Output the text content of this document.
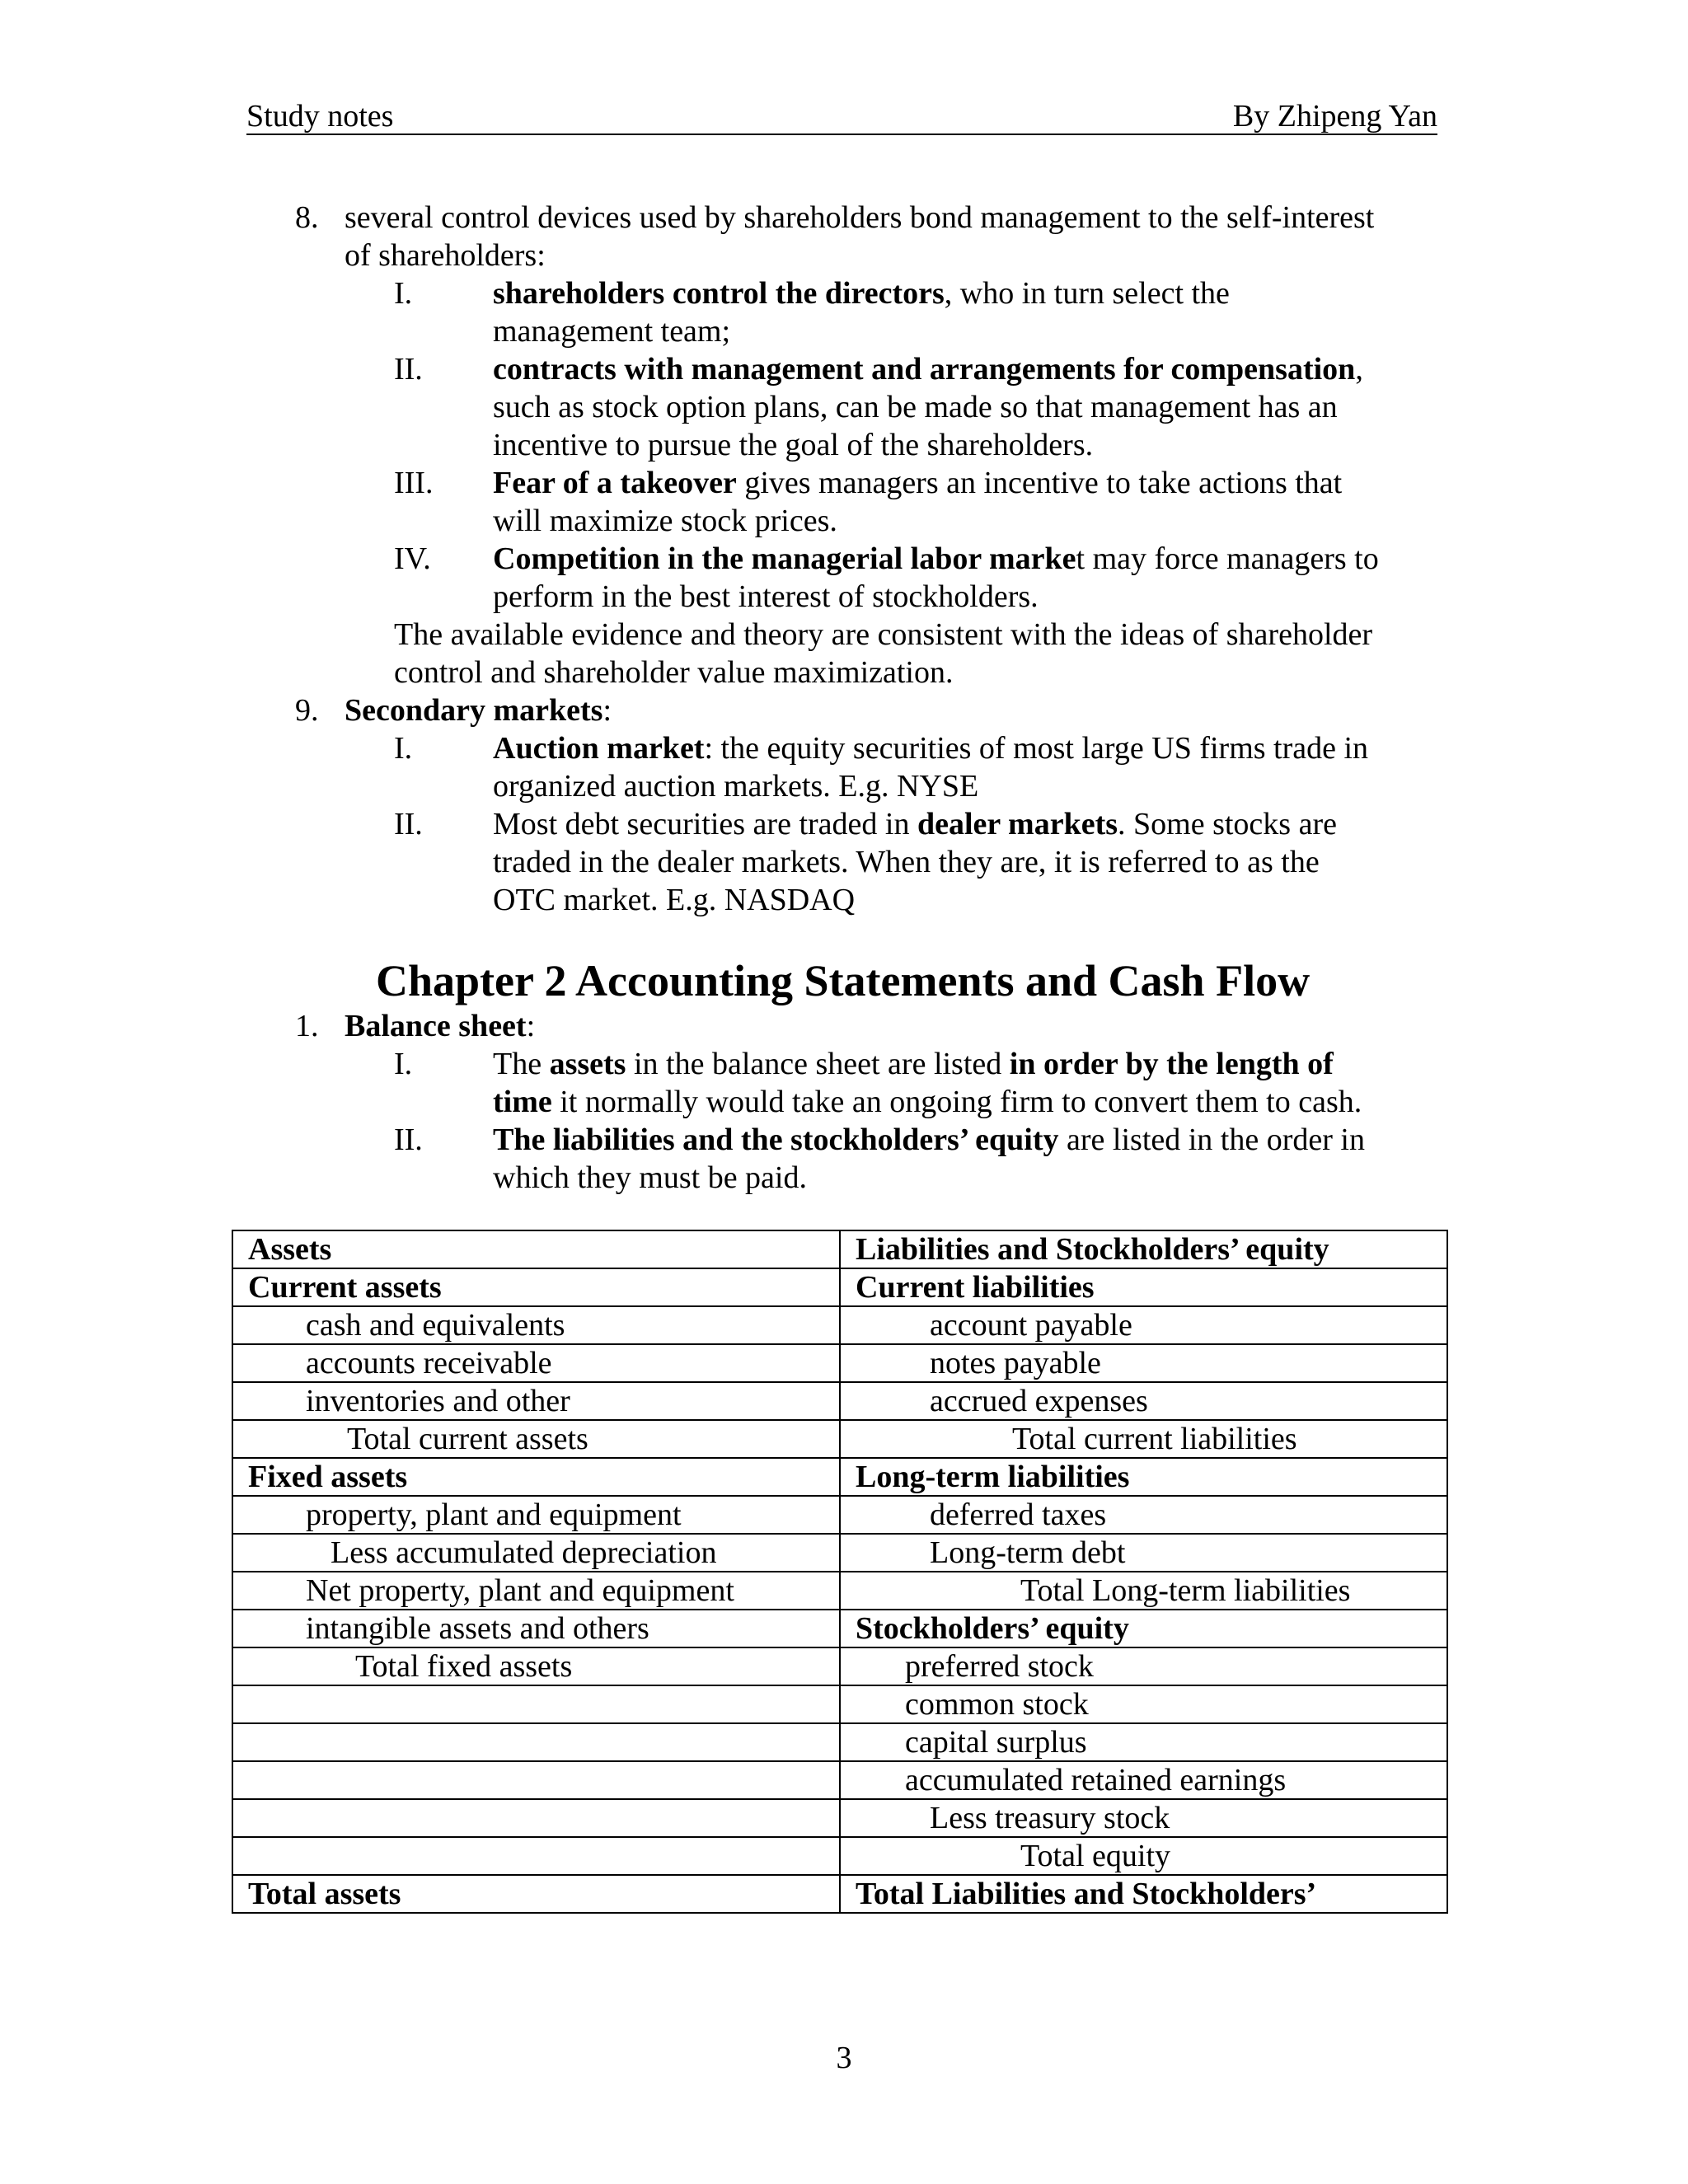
Study notes	By Zhipeng Yan
8. several control devices used by shareholders bond management to the self-interest
of shareholders:
I.	shareholders control the directors, who in turn select the
management team;
II. contracts with management and arrangements for compensation,
such as stock option plans, can be made so that management has an
incentive to pursue the goal of the shareholders.
III. Fear of a takeover gives managers an incentive to take actions that
will maximize stock prices.
IV. Competition in the managerial labor market may force managers to
perform in the best interest of stockholders.
The available evidence and theory are consistent with the ideas of shareholder
control and shareholder value maximization.
9. Secondary markets:
I.	Auction market: the equity securities of most large US firms trade in
organized auction markets. E.g. NYSE
II. Most debt securities are traded in dealer markets. Some stocks are
traded in the dealer markets. When they are, it is referred to as the
OTC market. E.g. NASDAQ
Chapter 2 Accounting Statements and Cash Flow
1. Balance sheet:
I.	The assets in the balance sheet are listed in order by the length of
time it normally would take an ongoing firm to convert them to cash.
II. The liabilities and the stockholders’ equity are listed in the order in
which they must be paid.
Assets	Liabilities and Stockholders’ equity
Current assets	Current liabilities
cash and equivalents	account payable
accounts receivable	notes payable
inventories and other	accrued expenses
Total current assets	Total current liabilities
Fixed assets	Long-term liabilities
property, plant and equipment	deferred taxes
Less accumulated depreciation	Long-term debt
Net property, plant and equipment	Total Long-term liabilities
intangible assets and others	Stockholders’ equity
Total fixed assets	preferred stock
	common stock
	capital surplus
	accumulated retained earnings
	Less treasury stock
	Total equity
Total assets	Total Liabilities and Stockholders’
3
